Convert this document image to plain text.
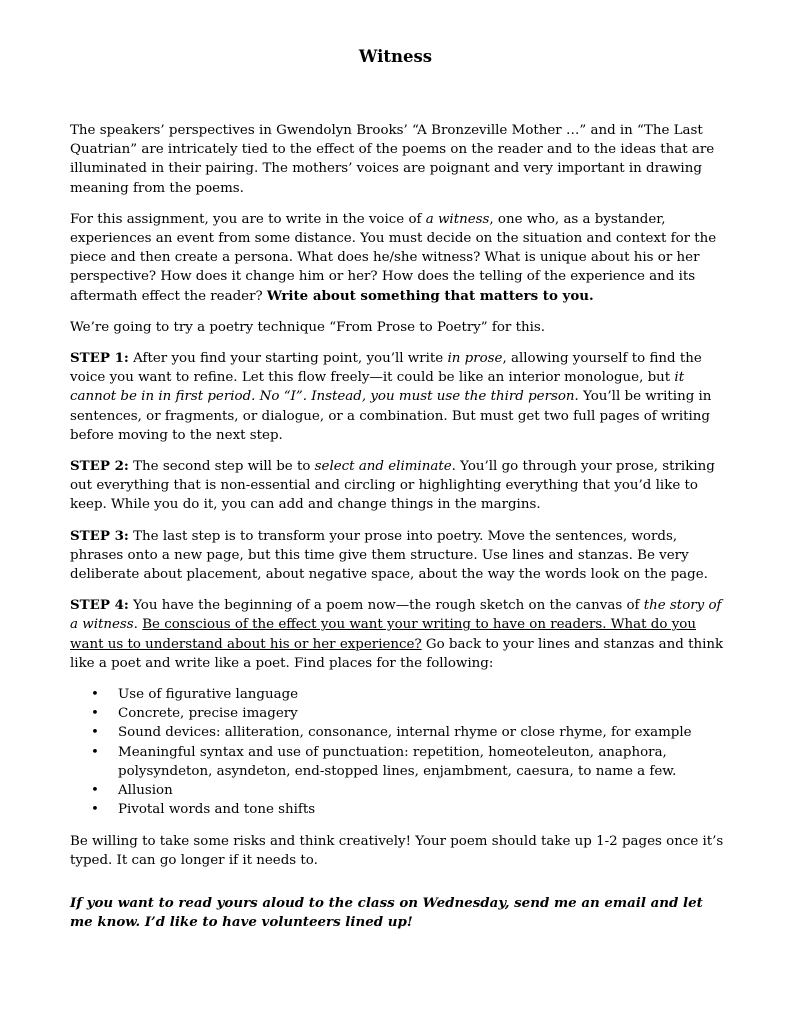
Witness

The speakers’ perspectives in Gwendolyn Brooks’ “A Bronzeville Mother …” and in “The Last Quatrian” are intricately tied to the effect of the poems on the reader and to the ideas that are illuminated in their pairing. The mothers’ voices are poignant and very important in drawing meaning from the poems.

For this assignment, you are to write in the voice of a witness, one who, as a bystander, experiences an event from some distance. You must decide on the situation and context for the piece and then create a persona. What does he/she witness? What is unique about his or her perspective? How does it change him or her? How does the telling of the experience and its aftermath effect the reader? Write about something that matters to you.

We’re going to try a poetry technique “From Prose to Poetry” for this.

STEP 1: After you find your starting point, you’ll write in prose, allowing yourself to find the voice you want to refine. Let this flow freely—it could be like an interior monologue, but it cannot be in in first period. No “I”. Instead, you must use the third person. You’ll be writing in sentences, or fragments, or dialogue, or a combination. But must get two full pages of writing before moving to the next step.

STEP 2: The second step will be to select and eliminate. You’ll go through your prose, striking out everything that is non-essential and circling or highlighting everything that you’d like to keep. While you do it, you can add and change things in the margins.

STEP 3: The last step is to transform your prose into poetry. Move the sentences, words, phrases onto a new page, but this time give them structure. Use lines and stanzas. Be very deliberate about placement, about negative space, about the way the words look on the page.

STEP 4: You have the beginning of a poem now—the rough sketch on the canvas of the story of a witness. Be conscious of the effect you want your writing to have on readers. What do you want us to understand about his or her experience? Go back to your lines and stanzas and think like a poet and write like a poet. Find places for the following:

• Use of figurative language
• Concrete, precise imagery
• Sound devices: alliteration, consonance, internal rhyme or close rhyme, for example
• Meaningful syntax and use of punctuation: repetition, homeoteleuton, anaphora, polysyndeton, asyndeton, end-stopped lines, enjambment, caesura, to name a few.
• Allusion
• Pivotal words and tone shifts

Be willing to take some risks and think creatively! Your poem should take up 1-2 pages once it’s typed. It can go longer if it needs to.

If you want to read yours aloud to the class on Wednesday, send me an email and let me know. I’d like to have volunteers lined up!
